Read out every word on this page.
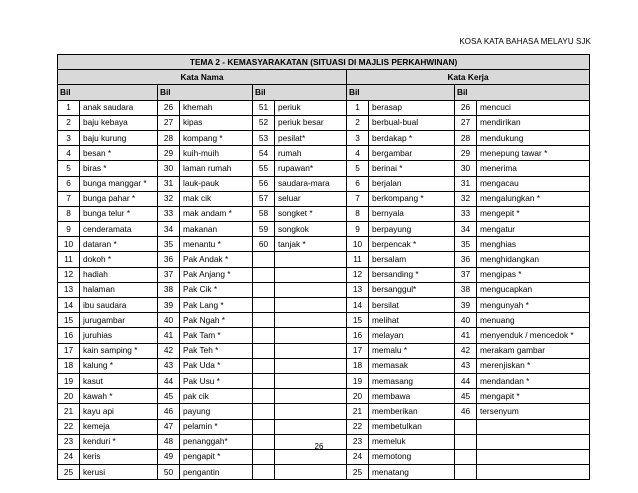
KOSA KATA BAHASA MELAYU SJK
TEMA 2 - KEMASYARAKATAN (SITUASI DI MAJLIS PERKAHWINAN)									
Kata Nama						Kata Kerja			
Bil		Bil		Bil		Bil		Bil	
1	anak saudara	26	khemah	51	periuk	1	berasap	26	mencuci
2	baju kebaya	27	kipas	52	periuk besar	2	berbual-bual	27	mendirikan
3	baju kurung	28	kompang *	53	pesilat*	3	berdakap *	28	mendukung
4	besan *	29	kuih-muih	54	rumah	4	bergambar	29	menepung tawar *
5	biras *	30	laman rumah	55	rupawan*	5	berinai *	30	menerima
6	bunga manggar *	31	lauk-pauk	56	saudara-mara	6	berjalan	31	mengacau
7	bunga pahar *	32	mak cik	57	seluar	7	berkompang *	32	mengalungkan *
8	bunga telur *	33	mak andam *	58	songket *	8	bernyala	33	mengepit *
9	cenderamata	34	makanan	59	songkok	9	berpayung	34	mengatur
10	dataran *	35	menantu *	60	tanjak *	10	berpencak *	35	menghias
11	dokoh *	36	Pak Andak *			11	bersalam	36	menghidangkan
12	hadiah	37	Pak Anjang *			12	bersanding *	37	mengipas *
13	halaman	38	Pak Cik *			13	bersanggul*	38	mengucapkan
14	ibu saudara	39	Pak Lang *			14	bersilat	39	mengunyah *
15	jurugambar	40	Pak Ngah *			15	melihat	40	menuang
16	juruhias	41	Pak Tam *			16	melayan	41	menyenduk / mencedok *
17	kain samping *	42	Pak Teh *			17	memalu *	42	merakam gambar
18	kalung *	43	Pak Uda *			18	memasak	43	merenjiskan *
19	kasut	44	Pak Usu *			19	memasang	44	mendandan *
20	kawah *	45	pak cik			20	membawa	45	mengapit *
21	kayu api	46	payung			21	memberikan	46	tersenyum
22	kemeja	47	pelamin *			22	membetulkan		
23	kenduri *	48	penanggah*			23	memeluk		
24	keris	49	pengapit *			24	memotong		
25	kerusi	50	pengantin			25	menatang		
26
